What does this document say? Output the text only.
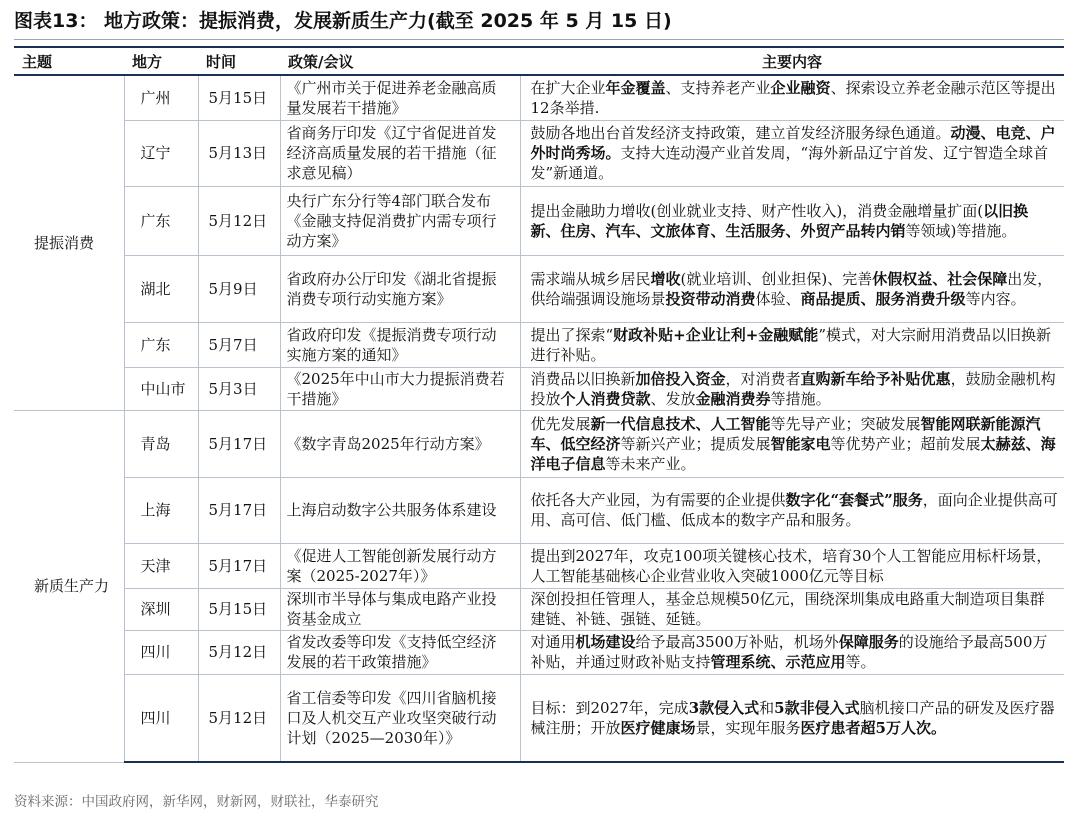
图表13： 地方政策：提振消费，发展新质生产力(截至 2025 年 5 月 15 日)
主题	地方	时间	政策/会议	主要内容
提振消费	广州	5月15日	《广州市关于促进养老金融高质量发展若干措施》	在扩大企业年金覆盖、支持养老产业企业融资、探索设立养老金融示范区等提出12条举措.
	辽宁	5月13日	省商务厅印发《辽宁省促进首发经济高质量发展的若干措施（征求意见稿）	鼓励各地出台首发经济支持政策，建立首发经济服务绿色通道。动漫、电竞、户外时尚秀场。支持大连动漫产业首发周，“海外新品辽宁首发、辽宁智造全球首发”新通道。
	广东	5月12日	央行广东分行等4部门联合发布《金融支持促消费扩内需专项行动方案》	提出金融助力增收(创业就业支持、财产性收入)，消费金融增量扩面(以旧换新、住房、汽车、文旅体育、生活服务、外贸产品转内销等领域)等措施。
	湖北	5月9日	省政府办公厅印发《湖北省提振消费专项行动实施方案》	需求端从城乡居民增收(就业培训、创业担保)、完善休假权益、社会保障出发，供给端强调设施场景投资带动消费体验、商品提质、服务消费升级等内容。
	广东	5月7日	省政府印发《提振消费专项行动实施方案的通知》	提出了探索“财政补贴+企业让利+金融赋能”模式，对大宗耐用消费品以旧换新进行补贴。
	中山市	5月3日	《2025年中山市大力提振消费若干措施》	消费品以旧换新加倍投入资金，对消费者直购新车给予补贴优惠，鼓励金融机构投放个人消费贷款、发放金融消费券等措施。
新质生产力	青岛	5月17日	《数字青岛2025年行动方案》	优先发展新一代信息技术、人工智能等先导产业；突破发展智能网联新能源汽车、低空经济等新兴产业；提质发展智能家电等优势产业；超前发展太赫兹、海洋电子信息等未来产业。
	上海	5月17日	上海启动数字公共服务体系建设	依托各大产业园，为有需要的企业提供数字化“套餐式”服务，面向企业提供高可用、高可信、低门槛、低成本的数字产品和服务。
	天津	5月17日	《促进人工智能创新发展行动方案（2025-2027年）》	提出到2027年，攻克100项关键核心技术，培育30个人工智能应用标杆场景，人工智能基础核心企业营业收入突破1000亿元等目标
	深圳	5月15日	深圳市半导体与集成电路产业投资基金成立	深创投担任管理人，基金总规模50亿元，围绕深圳集成电路重大制造项目集群建链、补链、强链、延链。
	四川	5月12日	省发改委等印发《支持低空经济发展的若干政策措施》	对通用机场建设给予最高3500万补贴，机场外保障服务的设施给予最高500万补贴，并通过财政补贴支持管理系统、示范应用等。
	四川	5月12日	省工信委等印发《四川省脑机接口及人机交互产业攻坚突破行动计划（2025—2030年）》	目标：到2027年，完成3款侵入式和5款非侵入式脑机接口产品的研发及医疗器械注册；开放医疗健康场景，实现年服务医疗患者超5万人次。
资料来源：中国政府网，新华网，财新网，财联社，华泰研究
